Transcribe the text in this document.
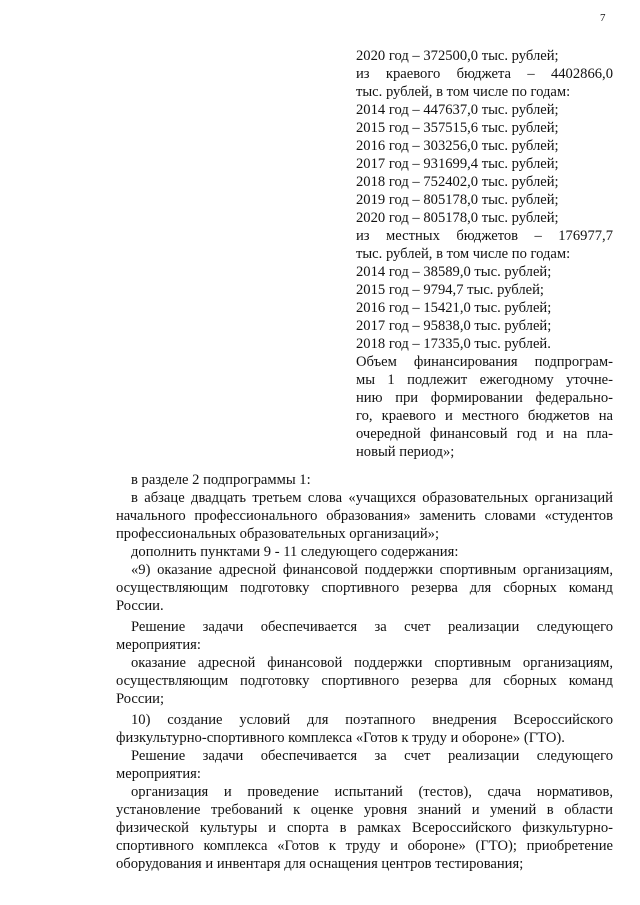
7

2020 год – 372500,0 тыс. рублей;

из краевого бюджета – 4402866,0

тыс. рублей, в том числе по годам:

2014 год – 447637,0 тыс. рублей;

2015 год – 357515,6 тыс. рублей;

2016 год – 303256,0 тыс. рублей;

2017 год – 931699,4 тыс. рублей;

2018 год – 752402,0 тыс. рублей;

2019 год – 805178,0 тыс. рублей;

2020 год – 805178,0 тыс. рублей;

из местных бюджетов – 176977,7

тыс. рублей, в том числе по годам:

2014 год – 38589,0 тыс. рублей;

2015 год – 9794,7 тыс. рублей;

2016 год – 15421,0 тыс. рублей;

2017 год – 95838,0 тыс. рублей;

2018 год – 17335,0 тыс. рублей.

Объем финансирования подпрограм-

мы 1 подлежит ежегодному уточне-

нию при формировании федерально-

го, краевого и местного бюджетов на

очередной финансовый год и на пла-

новый период»;

в разделе 2 подпрограммы 1:

в абзаце двадцать третьем слова «учащихся образовательных организаций начального профессионального образования» заменить словами «студентов профессиональных образовательных организаций»;

дополнить пунктами 9 - 11 следующего содержания:

«9) оказание адресной финансовой поддержки спортивным организациям, осуществляющим подготовку спортивного резерва для сборных команд России.

Решение задачи обеспечивается за счет реализации следующего мероприятия:

оказание адресной финансовой поддержки спортивным организациям, осуществляющим подготовку спортивного резерва для сборных команд России;

10) создание условий для поэтапного внедрения Всероссийского физкультурно-спортивного комплекса «Готов к труду и обороне» (ГТО).

Решение задачи обеспечивается за счет реализации следующего мероприятия:

организация и проведение испытаний (тестов), сдача нормативов, установление требований к оценке уровня знаний и умений в области физической культуры и спорта в рамках Всероссийского физкультурно-спортивного комплекса «Готов к труду и обороне» (ГТО); приобретение оборудования и инвентаря для оснащения центров тестирования;
